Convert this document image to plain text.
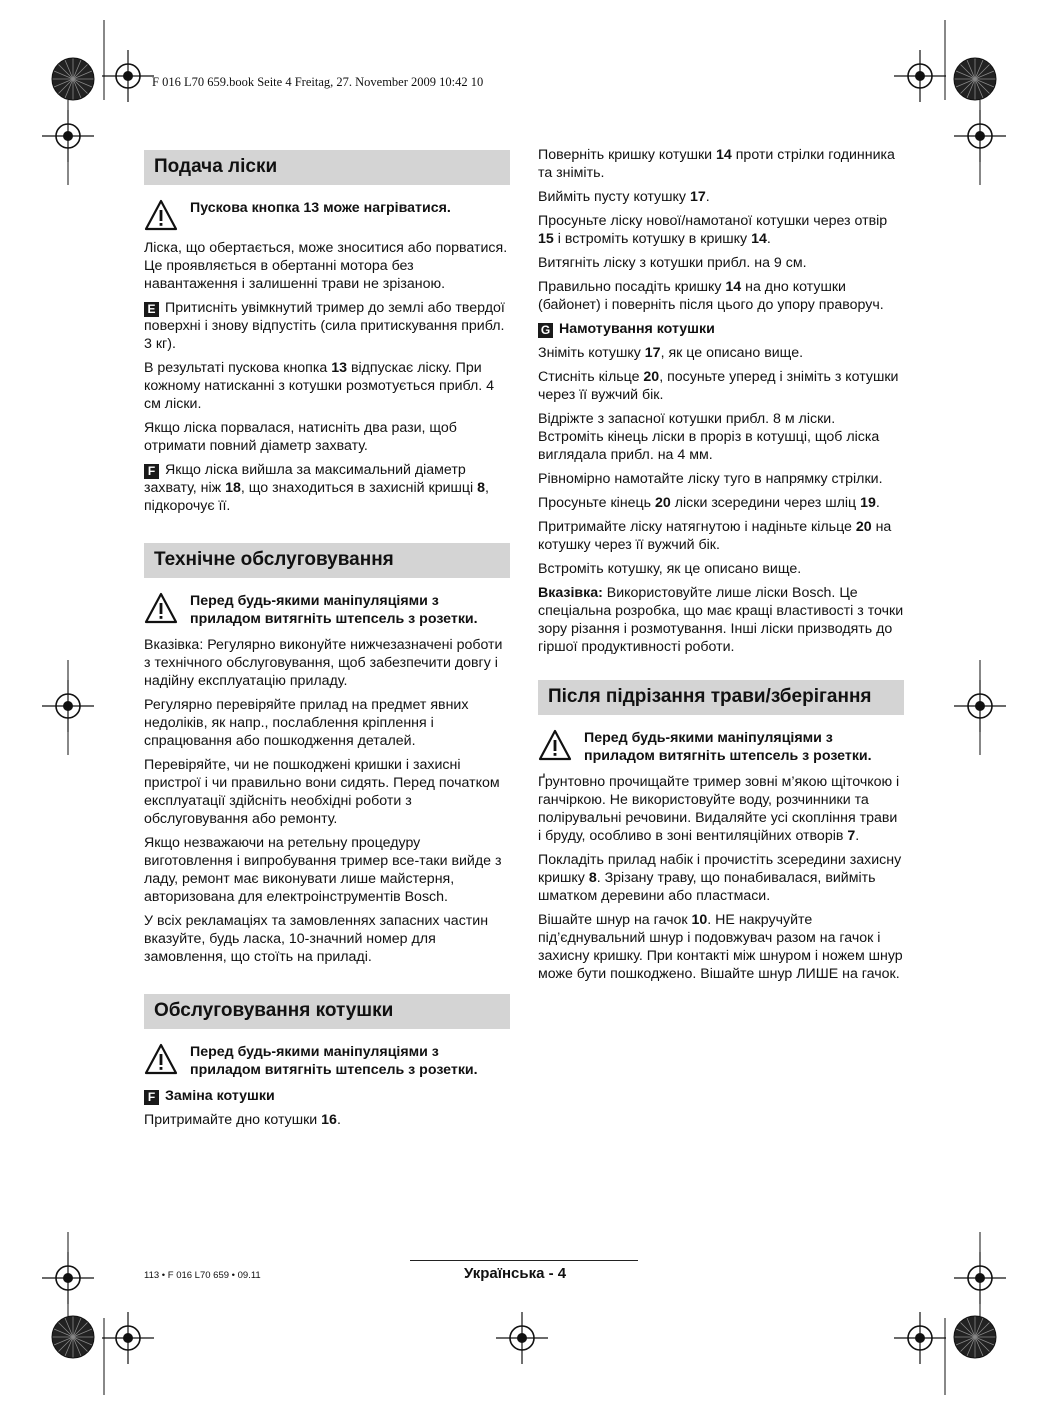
F 016 L70 659.book Seite 4 Freitag, 27. November 2009 10:42 10
Подача ліски
Пускова кнопка 13 може нагріватися.

Ліска, що обертається, може зноситися або порватися. Це проявляється в обертанні мотора без навантаження і залишенні трави не зрізаною.

E Притисніть увімкнутий тример до землі або твердої поверхні і знову відпустіть (сила притискування прибл. 3 кг).

В результаті пускова кнопка 13 відпускає ліску. При кожному натисканні з котушки розмотується прибл. 4 см ліски.

Якщо ліска порвалася, натисніть два рази, щоб отримати повний діаметр захвату.

F Якщо ліска вийшла за максимальний діаметр захвату, ніж 18, що знаходиться в захисній кришці 8, підкорочує її.

Технічне обслуговування
Перед будь-якими маніпуляціями з приладом витягніть штепсель з розетки.

Вказівка: Регулярно виконуйте нижчезазначені роботи з технічного обслуговування, щоб забезпечити довгу і надійну експлуатацію приладу.

Регулярно перевіряйте прилад на предмет явних недоліків, як напр., послаблення кріплення і спрацювання або пошкодження деталей.

Перевіряйте, чи не пошкоджені кришки і захисні пристрої і чи правильно вони сидять. Перед початком експлуатації здійсніть необхідні роботи з обслуговування або ремонту.

Якщо незважаючи на ретельну процедуру виготовлення і випробування тример все-таки вийде з ладу, ремонт має виконувати лише майстерня, авторизована для електроінструментів Bosch.

У всіх рекламаціях та замовленнях запасних частин вказуйте, будь ласка, 10-значний номер для замовлення, що стоїть на приладі.

Обслуговування котушки
Перед будь-якими маніпуляціями з приладом витягніть штепсель з розетки.
F Заміна котушки

Притримайте дно котушки 16.

Поверніть кришку котушки 14 проти стрілки годинника та зніміть.

Вийміть пусту котушку 17.

Просуньте ліску нової/намотаної котушки через отвір 15 і встроміть котушку в кришку 14.

Витягніть ліску з котушки прибл. на 9 см.

Правильно посадіть кришку 14 на дно котушки (байонет) і поверніть після цього до упору праворуч.

G Намотування котушки

Зніміть котушку 17, як це описано вище.

Стисніть кільце 20, посуньте уперед і зніміть з котушки через її вужчий бік.

Відріжте з запасної котушки прибл. 8 м ліски. Встроміть кінець ліски в проріз в котушці, щоб ліска виглядала прибл. на 4 мм.

Рівномірно намотайте ліску туго в напрямку стрілки.

Просуньте кінець 20 ліски зсередини через шліц 19.

Притримайте ліску натягнутою і надіньте кільце 20 на котушку через її вужчий бік.

Встроміть котушку, як це описано вище.

Вказівка: Використовуйте лише ліски Bosch. Це спеціальна розробка, що має кращі властивості з точки зору різання і розмотування. Інші ліски призводять до гіршої продуктивності роботи.

Після підрізання трави/зберігання
Перед будь-якими маніпуляціями з приладом витягніть штепсель з розетки.

Ґрунтовно прочищайте тример зовні м’якою щіточкою і ганчіркою. Не використовуйте воду, розчинники та полірувальні речовини. Видаляйте усі скопління трави і бруду, особливо в зоні вентиляційних отворів 7.

Покладіть прилад набік і прочистіть зсередини захисну кришку 8. Зрізану траву, що понабивалася, вийміть шматком деревини або пластмаси.

Вішайте шнур на гачок 10. НЕ накручуйте під’єднувальний шнур і подовжувач разом на гачок і захисну кришку. При контакті між шнуром і ножем шнур може бути пошкоджено. Вішайте шнур ЛИШЕ на гачок.

113 • F 016 L70 659 • 09.11	Українська - 4
